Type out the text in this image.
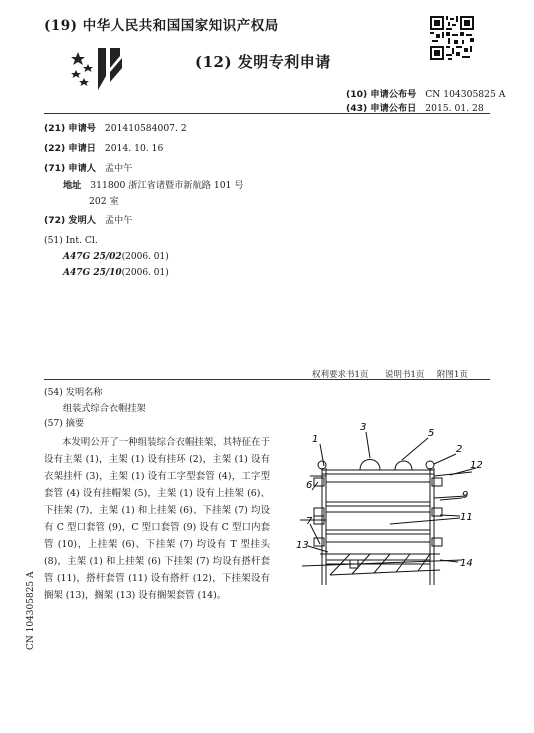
(19) 中华人民共和国国家知识产权局
(12) 发明专利申请
(10) 申请公布号 CN 104305825 A
(43) 申请公布日 2015. 01. 28
(21) 申请号 201410584007. 2
(22) 申请日 2014. 10. 16
(71) 申请人 孟中午
地址 311800 浙江省诸暨市新航路 101 号
202 室
(72) 发明人 孟中午
(51) Int. Cl.
A47G 25/02(2006. 01)
A47G 25/10(2006. 01)
权利要求书1页 说明书1页 附图1页
(54) 发明名称
组装式综合衣帽挂架
(57) 摘要

本发明公开了一种组装综合衣帽挂架，其特征在于设有主架 (1)，主架 (1) 设有挂环 (2)，主架 (1) 设有衣架挂杆 (3)，主架 (1) 设有工字型套管 (4)，工字型套管 (4) 设有挂帽架 (5)，主架 (1) 设有上挂架 (6)、下挂架 (7)，主架 (1) 和上挂架 (6)、下挂架 (7) 均设有 C 型口套管 (9)，C 型口套管 (9) 设有 C 型口内套管 (10)，上挂架 (6)、下挂架 (7) 均设有 T 型挂头 (8)，主架 (1) 和上挂架 (6) 下挂架 (7) 均设有搭杆套管 (11)，搭杆套管 (11) 设有搭杆 (12)，下挂架设有搁架 (13)，搁架 (13) 设有搁架套管 (14)。

1
3
5
2
12
6
9
11
7
13
14
CN 104305825 A
